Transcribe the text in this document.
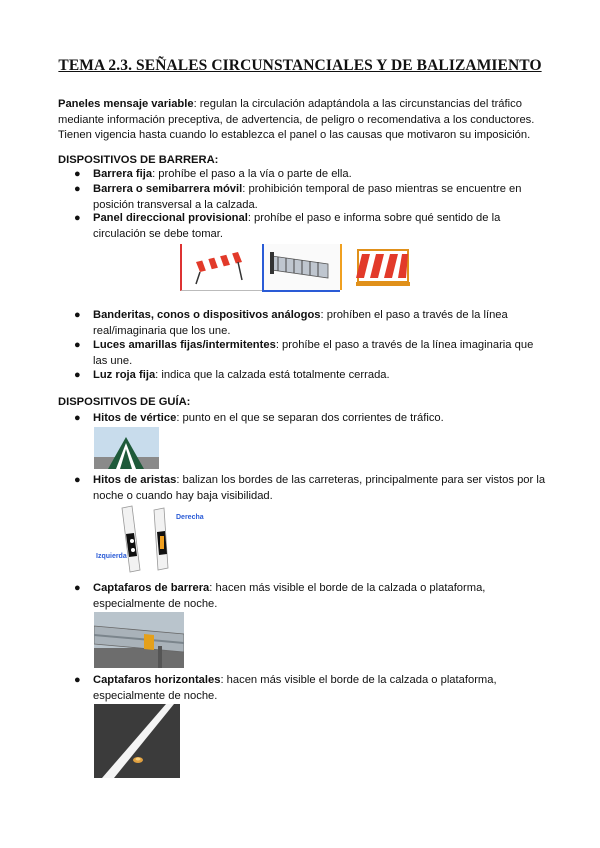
TEMA 2.3. SEÑALES CIRCUNSTANCIALES Y DE BALIZAMIENTO
Paneles mensaje variable: regulan la circulación adaptándola a las circunstancias del tráfico
mediante información preceptiva, de advertencia, de peligro o recomendativa a los conductores.
Tienen vigencia hasta cuando lo establezca el panel o las causas que motivaron su imposición.
DISPOSITIVOS DE BARRERA:
● Barrera fija: prohíbe el paso a la vía o parte de ella.
● Barrera o semibarrera móvil: prohibición temporal de paso mientras se encuentre en
posición transversal a la calzada.
● Panel direccional provisional: prohíbe el paso e informa sobre qué sentido de la
circulación se debe tomar.
● Banderitas, conos o dispositivos análogos: prohíben el paso a través de la línea
real/imaginaria que los une.
● Luces amarillas fijas/intermitentes: prohíbe el paso a través de la línea imaginaria que
las une.
● Luz roja fija: indica que la calzada está totalmente cerrada.
DISPOSITIVOS DE GUÍA:
● Hitos de vértice: punto en el que se separan dos corrientes de tráfico.
● Hitos de aristas: balizan los bordes de las carreteras, principalmente para ser vistos por la
noche o cuando hay baja visibilidad.
Derecha
Izquierda
● Captafaros de barrera: hacen más visible el borde de la calzada o plataforma,
especialmente de noche.
● Captafaros horizontales: hacen más visible el borde de la calzada o plataforma,
especialmente de noche.
